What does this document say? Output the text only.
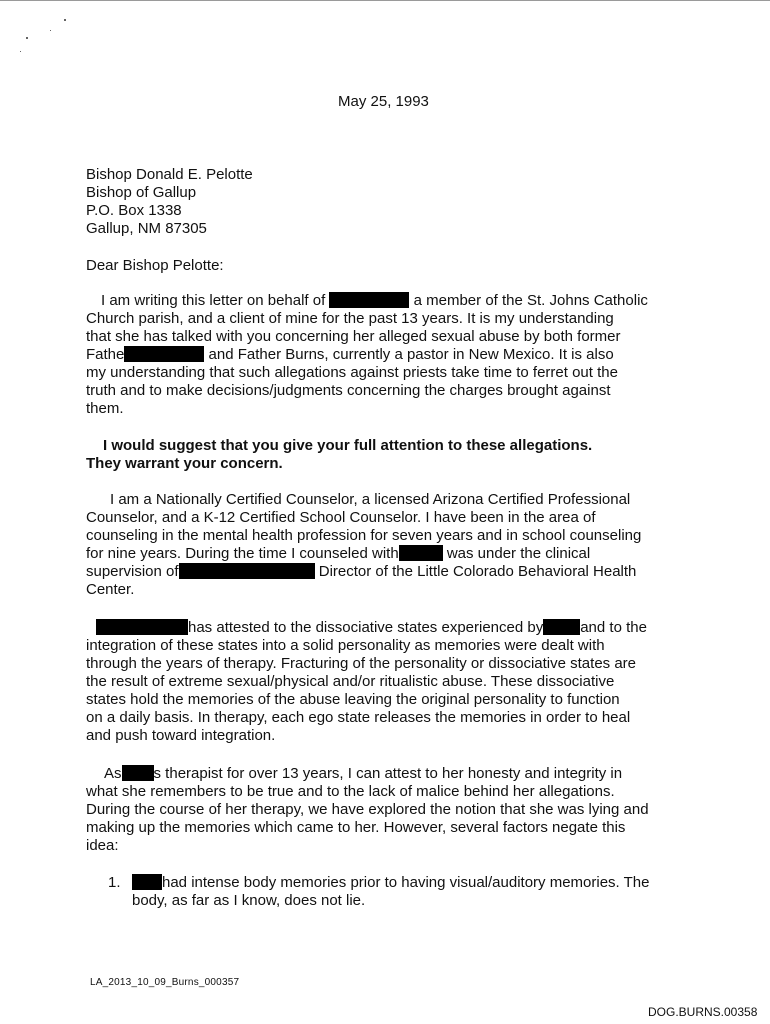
May 25, 1993
Bishop Donald E. Pelotte
Bishop of Gallup
P.O. Box 1338
Gallup, NM 87305
Dear Bishop Pelotte:
I am writing this letter on behalf of	a member of the St. Johns Catholic
Church parish, and a client of mine for the past 13 years. It is my understanding
that she has talked with you concerning her alleged sexual abuse by both former
Fathe	and Father Burns, currently a pastor in New Mexico. It is also
my understanding that such allegations against priests take time to ferret out the
truth and to make decisions/judgments concerning the charges brought against
them.
I would suggest that you give your full attention to these allegations.
They warrant your concern.
I am a Nationally Certified Counselor, a licensed Arizona Certified Professional
Counselor, and a K-12 Certified School Counselor. I have been in the area of
counseling in the mental health profession for seven years and in school counseling
for nine years. During the time I counseled with	was under the clinical
supervision of	Director of the Little Colorado Behavioral Health
Center.
has attested to the dissociative states experienced by and to the
integration of these states into a solid personality as memories were dealt with
through the years of therapy. Fracturing of the personality or dissociative states are
the result of extreme sexual/physical and/or ritualistic abuse. These dissociative
states hold the memories of the abuse leaving the original personality to function
on a daily basis. In therapy, each ego state releases the memories in order to heal
and push toward integration.
As s therapist for over 13 years, I can attest to her honesty and integrity in
what she remembers to be true and to the lack of malice behind her allegations.
During the course of her therapy, we have explored the notion that she was lying and
making up the memories which came to her. However, several factors negate this
idea:
1.	had intense body memories prior to having visual/auditory memories. The
body, as far as I know, does not lie.
LA_2013_10_09_Burns_000357
DOG.BURNS.00358
